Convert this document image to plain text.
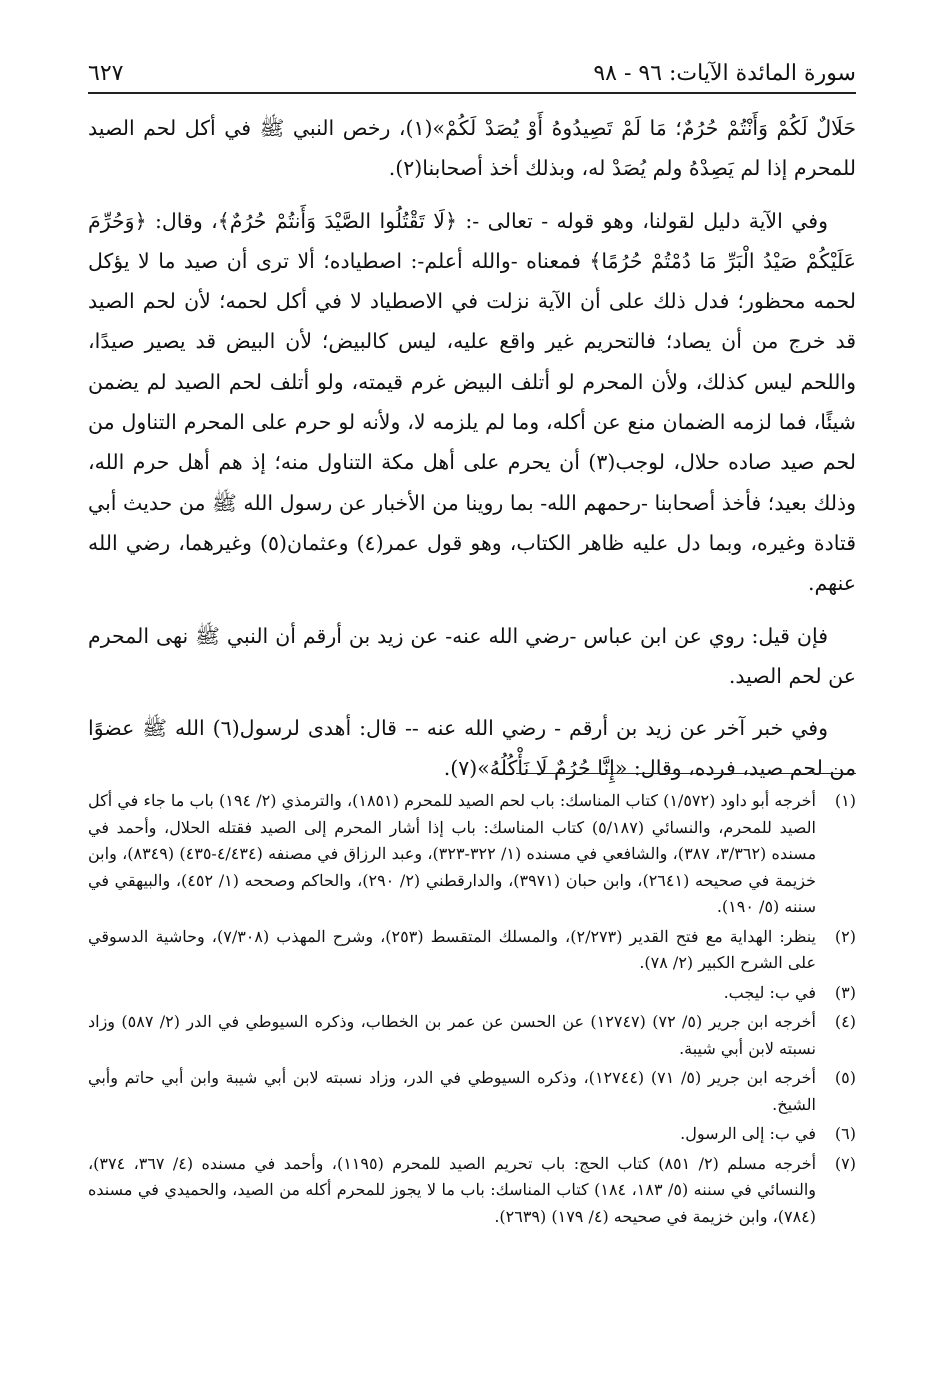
سورة المائدة الآيات: ٩٦ - ٩٨
٦٢٧

حَلَالٌ لَكُمْ وَأَنْتُمْ حُرُمٌ؛ مَا لَمْ تَصِيدُوهُ أَوْ يُصَدْ لَكُمْ»(١)، رخص النبي ﷺ في أكل لحم الصيد للمحرم إذا لم يَصِدْهُ ولم يُصَدْ له، وبذلك أخذ أصحابنا(٢).

وفي الآية دليل لقولنا، وهو قوله - تعالى -: ﴿لَا تَقْتُلُوا الصَّيْدَ وَأَنتُمْ حُرُمٌ﴾، وقال: ﴿وَحُرِّمَ عَلَيْكُمْ صَيْدُ الْبَرِّ مَا دُمْتُمْ حُرُمًا﴾ فمعناه -والله أعلم-: اصطياده؛ ألا ترى أن صيد ما لا يؤكل لحمه محظور؛ فدل ذلك على أن الآية نزلت في الاصطياد لا في أكل لحمه؛ لأن لحم الصيد قد خرج من أن يصاد؛ فالتحريم غير واقع عليه، ليس كالبيض؛ لأن البيض قد يصير صيدًا، واللحم ليس كذلك، ولأن المحرم لو أتلف البيض غرم قيمته، ولو أتلف لحم الصيد لم يضمن شيئًا، فما لزمه الضمان منع عن أكله، وما لم يلزمه لا، ولأنه لو حرم على المحرم التناول من لحم صيد صاده حلال، لوجب(٣) أن يحرم على أهل مكة التناول منه؛ إذ هم أهل حرم الله، وذلك بعيد؛ فأخذ أصحابنا -رحمهم الله- بما روينا من الأخبار عن رسول الله ﷺ من حديث أبي قتادة وغيره، وبما دل عليه ظاهر الكتاب، وهو قول عمر(٤) وعثمان(٥) وغيرهما، رضي الله عنهم.

فإن قيل: روي عن ابن عباس -رضي الله عنه- عن زيد بن أرقم أن النبي ﷺ نهى المحرم عن لحم الصيد.

وفي خبر آخر عن زيد بن أرقم - رضي الله عنه -- قال: أهدى لرسول(٦) الله ﷺ عضوًا من لحم صيد، فرده، وقال: «إِنَّا حُرُمٌ لَا نَأْكُلُهُ»(٧).

(١)
أخرجه أبو داود (١/٥٧٢) كتاب المناسك: باب لحم الصيد للمحرم (١٨٥١)، والترمذي (٢/ ١٩٤) باب ما جاء في أكل الصيد للمحرم، والنسائي (٥/١٨٧) كتاب المناسك: باب إذا أشار المحرم إلى الصيد فقتله الحلال، وأحمد في مسنده (٣/٣٦٢، ٣٨٧)، والشافعي في مسنده (١/ ٣٢٢-٣٢٣)، وعبد الرزاق في مصنفه (٤/٤٣٤-٤٣٥) (٨٣٤٩)، وابن خزيمة في صحيحه (٢٦٤١)، وابن حبان (٣٩٧١)، والدارقطني (٢/ ٢٩٠)، والحاكم وصححه (١/ ٤٥٢)، والبيهقي في سننه (٥/ ١٩٠).
(٢)
ينظر: الهداية مع فتح القدير (٢/٢٧٣)، والمسلك المتقسط (٢٥٣)، وشرح المهذب (٧/٣٠٨)، وحاشية الدسوقي على الشرح الكبير (٢/ ٧٨).
(٣)
في ب: ليجب.
(٤)
أخرجه ابن جرير (٥/ ٧٢) (١٢٧٤٧) عن الحسن عن عمر بن الخطاب، وذكره السيوطي في الدر (٢/ ٥٨٧) وزاد نسبته لابن أبي شيبة.
(٥)
أخرجه ابن جرير (٥/ ٧١) (١٢٧٤٤)، وذكره السيوطي في الدر، وزاد نسبته لابن أبي شيبة وابن أبي حاتم وأبي الشيخ.
(٦)
في ب: إلى الرسول.
(٧)
أخرجه مسلم (٢/ ٨٥١) كتاب الحج: باب تحريم الصيد للمحرم (١١٩٥)، وأحمد في مسنده (٤/ ٣٦٧، ٣٧٤)، والنسائي في سننه (٥/ ١٨٣، ١٨٤) كتاب المناسك: باب ما لا يجوز للمحرم أكله من الصيد، والحميدي في مسنده (٧٨٤)، وابن خزيمة في صحيحه (٤/ ١٧٩) (٢٦٣٩).
